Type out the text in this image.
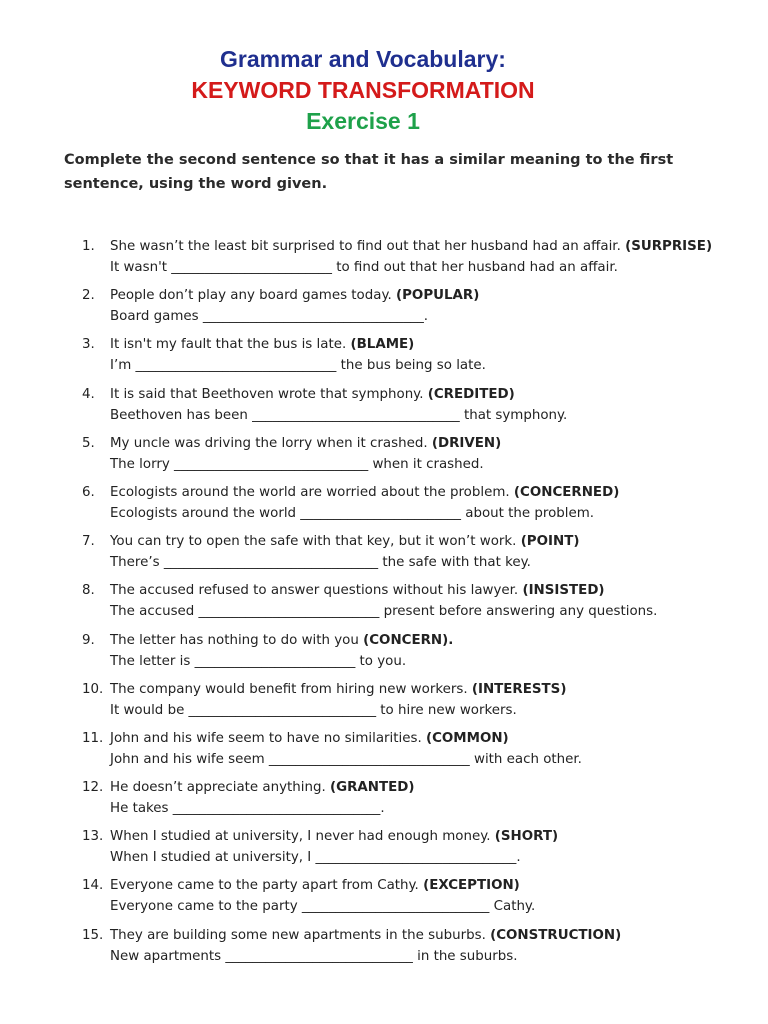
Grammar and Vocabulary:

KEYWORD TRANSFORMATION

Exercise 1

Complete the second sentence so that it has a similar meaning to the first sentence, using the word given.
1. She wasn’t the least bit surprised to find out that her husband had an affair. (SURPRISE)
It wasn't ________________________ to find out that her husband had an affair.
2. People don’t play any board games today. (POPULAR)
Board games _________________________________.
3. It isn't my fault that the bus is late. (BLAME)
I’m ______________________________ the bus being so late.
4. It is said that Beethoven wrote that symphony. (CREDITED)
Beethoven has been _______________________________ that symphony.
5. My uncle was driving the lorry when it crashed. (DRIVEN)
The lorry _____________________________ when it crashed.
6. Ecologists around the world are worried about the problem. (CONCERNED)
Ecologists around the world ________________________ about the problem.
7. You can try to open the safe with that key, but it won’t work. (POINT)
There’s ________________________________ the safe with that key.
8. The accused refused to answer questions without his lawyer. (INSISTED)
The accused ___________________________ present before answering any questions.
9. The letter has nothing to do with you (CONCERN).
The letter is ________________________ to you.
10. The company would benefit from hiring new workers. (INTERESTS)
It would be ____________________________ to hire new workers.
11. John and his wife seem to have no similarities. (COMMON)
John and his wife seem ______________________________ with each other.
12. He doesn’t appreciate anything. (GRANTED)
He takes _______________________________.
13. When I studied at university, I never had enough money. (SHORT)
When I studied at university, I ______________________________.
14. Everyone came to the party apart from Cathy. (EXCEPTION)
Everyone came to the party ____________________________ Cathy.
15. They are building some new apartments in the suburbs. (CONSTRUCTION)
New apartments ____________________________ in the suburbs.
